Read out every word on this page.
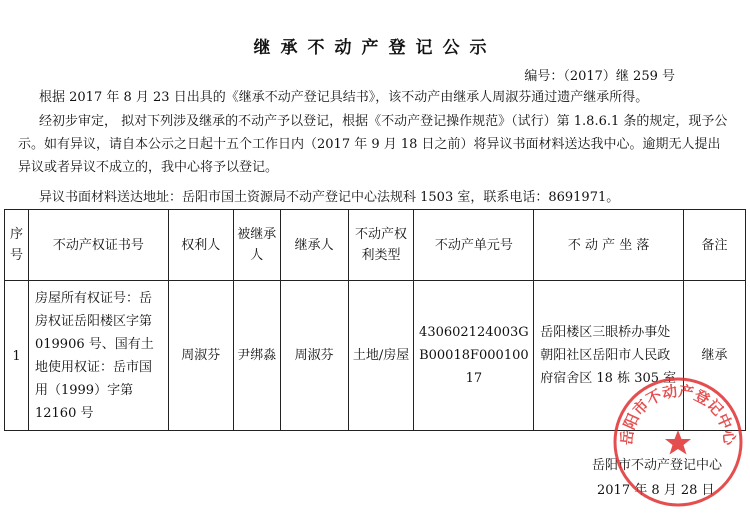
继承不动产登记公示
编号：（2017）继 259 号
根据 2017 年 8 月 23 日出具的《继承不动产登记具结书》，该不动产由继承人周淑芬通过遗产继承所得。
经初步审定， 拟对下列涉及继承的不动产予以登记，根据《不动产登记操作规范》（试行）第 1.8.6.1 条的规定，现予公示。如有异议，请自本公示之日起十五个工作日内（2017 年 9 月 18 日之前）将异议书面材料送达我中心。逾期无人提出异议或者异议不成立的，我中心将予以登记。
异议书面材料送达地址：岳阳市国土资源局不动产登记中心法规科 1503 室，联系电话：8691971。
序号	不动产权证书号	权利人	被继承人	继承人	不动产权利类型	不动产单元号	不 动 产 坐 落	备注
1	房屋所有权证号：岳房权证岳阳楼区字第 019906 号、国有土地使用权证：岳市国用（1999）字第 12160 号	周淑芬	尹绑淼	周淑芬	土地/房屋	430602124003GB00018F00010017	岳阳楼区三眼桥办事处朝阳社区岳阳市人民政府宿舍区 18 栋 305 室	继承
岳阳市不动产登记中心
2017 年 8 月 28 日
岳阳市不动产登记中心
